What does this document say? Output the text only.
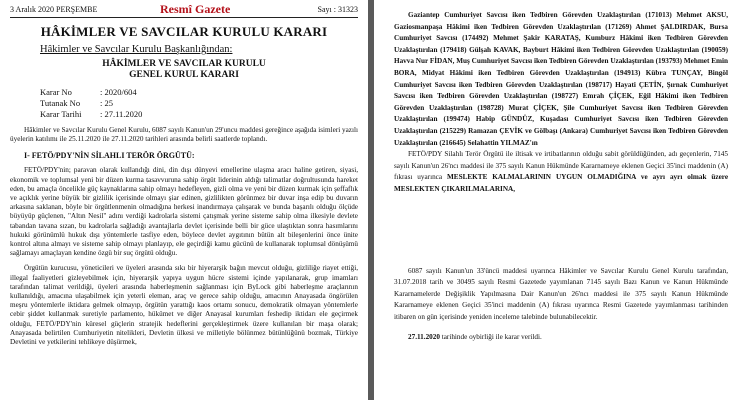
3 Aralık 2020 PERŞEMBE	Resmî Gazete	Sayı : 31323
HÂKİMLER VE SAVCILAR KURULU KARARI
Hâkimler ve Savcılar Kurulu Başkanlığından:
HÂKİMLER VE SAVCILAR KURULU
GENEL KURUL KARARI
Karar No	: 2020/604
Tutanak No : 25
Karar Tarihi : 27.11.2020
Hâkimler ve Savcılar Kurulu Genel Kurulu, 6087 sayılı Kanun'un 29'uncu maddesi gereğince aşağıda isimleri yazılı üyelerin katılımı ile 25.11.2020 ile 27.11.2020 tarihleri arasında belirli saatlerde toplandı.
I- FETÖ/PDY'NİN SİLAHLI TERÖR ÖRGÜTÜ:
FETÖ/PDY'nin; paravan olarak kullandığı dini, din dışı dünyevi emellerine ulaşma aracı haline getiren, siyasi, ekonomik ve toplumsal yeni bir düzen kurma tasavvuruna sahip örgüt liderinin aldığı talimatlar doğrultusunda hareket eden, bu amaçla öncelikle güç kaynaklarına sahip olmayı hedefleyen, gizli olma ve yeni bir düzen kurmak için şeffaflık ve açıklık yerine büyük bir gizlilik içerisinde olmayı şiar edinen, gizlilikten görünmez bir duvar inşa edip bu duvarın arkasına saklanan, böyle bir örgütlenmenin olmadığına herkesi inandırmaya çalışarak ve bunda başarılı olduğu ölçüde büyüyüp güçlenen, "Altın Nesil" adını verdiği kadrolarla sistemi çatışmak yerine sisteme sahip olma ilkesiyle devlete tabandan tavana sızan, bu kadrolarla sağladığı avantajlarla devlet içerisinde belli bir güce ulaştıktan sonra hasımlarını hukuki görünümlü hukuk dışı yöntemlerle tasfiye eden, böylece devlet aygıtının bütün alt bileşenlerini önce ünite kontrol altına almayı ve sisteme sahip olmayı planlayıp, ele geçirdiği kamu gücünü de kullanarak toplumsal dönüşümü sağlamayı amaçlayan kendine özgü bir suç örgütü olduğu.
Örgütün kurucusu, yöneticileri ve üyeleri arasında sıkı bir hiyerarşik bağın mevcut olduğu, gizliliğe riayet ettiği, illegal faaliyetleri gizleyebilmek için, hiyerarşik yapıya uygun hücre sistemi içinde yapılanarak, grup imamları tarafından talimat verildiği, üyeleri arasında haberleşmenin sağlanması için ByLock gibi haberleşme araçlarının kullanıldığı, amacına ulaşabilmek için yeterli eleman, araç ve gerece sahip olduğu, amacının Anayasada öngörülen meşru yöntemlerle iktidara gelmek olmayıp, örgütün yarattığı kaos ortamı sonucu, demokratik olmayan yöntemlerle cebir şiddet kullanmak suretiyle parlamento, hükümet ve diğer Anayasal kurumları feshedip iktidarı ele geçirmek olduğu, FETÖ/PDY'nin küresel güçlerin stratejik hedeflerini gerçekleştirmek üzere kullanılan bir maşa olarak; Anayasada belirtilen Cumhuriyetin nitelikleri, Devletin ülkesi ve milletiyle bölünmez bütünlüğünü bozmak, Türkiye Devletini ve yetkilerini tehlikeye düşürmek,
Gaziantep Cumhuriyet Savcısı iken Tedbiren Görevden Uzaklaştırılan (171013) Mehmet AKSU, Gaziosmanpaşa Hâkimi iken Tedbiren Görevden Uzaklaştırılan (171269) Ahmet ŞALDIRDAK, Bursa Cumhuriyet Savcısı (174492) Mehmet Şakir KARATAŞ, Kumburz Hâkimi iken Tedbiren Görevden Uzaklaştırılan (179418) Gülşah KAVAK, Bayburt Hâkimi iken Tedbiren Görevden Uzaklaştırılan (190059) Havva Nur FİDAN, Muş Cumhuriyet Savcısı iken Tedbiren Görevden Uzaklaştırılan (193793) Mehmet Emin BORA, Midyat Hâkimi iken Tedbiren Görevden Uzaklaştırılan (194913) Kübra TUNÇAY, Bingöl Cumhuriyet Savcısı iken Tedbiren Görevden Uzaklaştırılan (198717) Hayati ÇETİN, Şırnak Cumhuriyet Savcısı iken Tedbiren Görevden Uzaklaştırılan (198727) Emrah ÇİÇEK, Eğil Hâkimi iken Tedbiren Görevden Uzaklaştırılan (198728) Murat ÇİÇEK, Şile Cumhuriyet Savcısı iken Tedbiren Görevden Uzaklaştırılan (199474) Habip GÜNDÜZ, Kuşadası Cumhuriyet Savcısı iken Tedbiren Görevden Uzaklaştırılan (215229) Ramazan ÇEVİK ve Gölbaşı (Ankara) Cumhuriyet Savcısı iken Tedbiren Görevden Uzaklaştırılan (216645) Selahattin YILMAZ'ın
FETÖ/PDY Silahlı Terör Örgütü ile iltisak ve irtibatlarının olduğu sabit görüldüğünden, adı geçenlerin, 7145 sayılı Kanun'un 26'ncı maddesi ile 375 sayılı Kanun Hükmünde Kararnameye eklenen Geçici 35'inci maddenin (A) fıkrası uyarınca MESLEKTE KALMALARININ UYGUN OLMADIĞINA ve ayrı ayrı olmak üzere MESLEKTEN ÇIKARILMALARINA,
6087 sayılı Kanun'un 33'üncü maddesi uyarınca Hâkimler ve Savcılar Kurulu Genel Kurulu tarafından, 31.07.2018 tarih ve 30495 sayılı Resmi Gazetede yayımlanan 7145 sayılı Bazı Kanun ve Kanun Hükmünde Kararnamelerde Değişiklik Yapılmasına Dair Kanun'un 26'ncı maddesi ile 375 sayılı Kanun Hükmünde Kararnameye eklenen Geçici 35'inci maddenin (A) fıkrası uyarınca Resmi Gazetede yayımlanması tarihinden itibaren on gün içerisinde yeniden inceleme talebinde bulunabilecektir.
27.11.2020 tarihinde oybirliği ile karar verildi.
